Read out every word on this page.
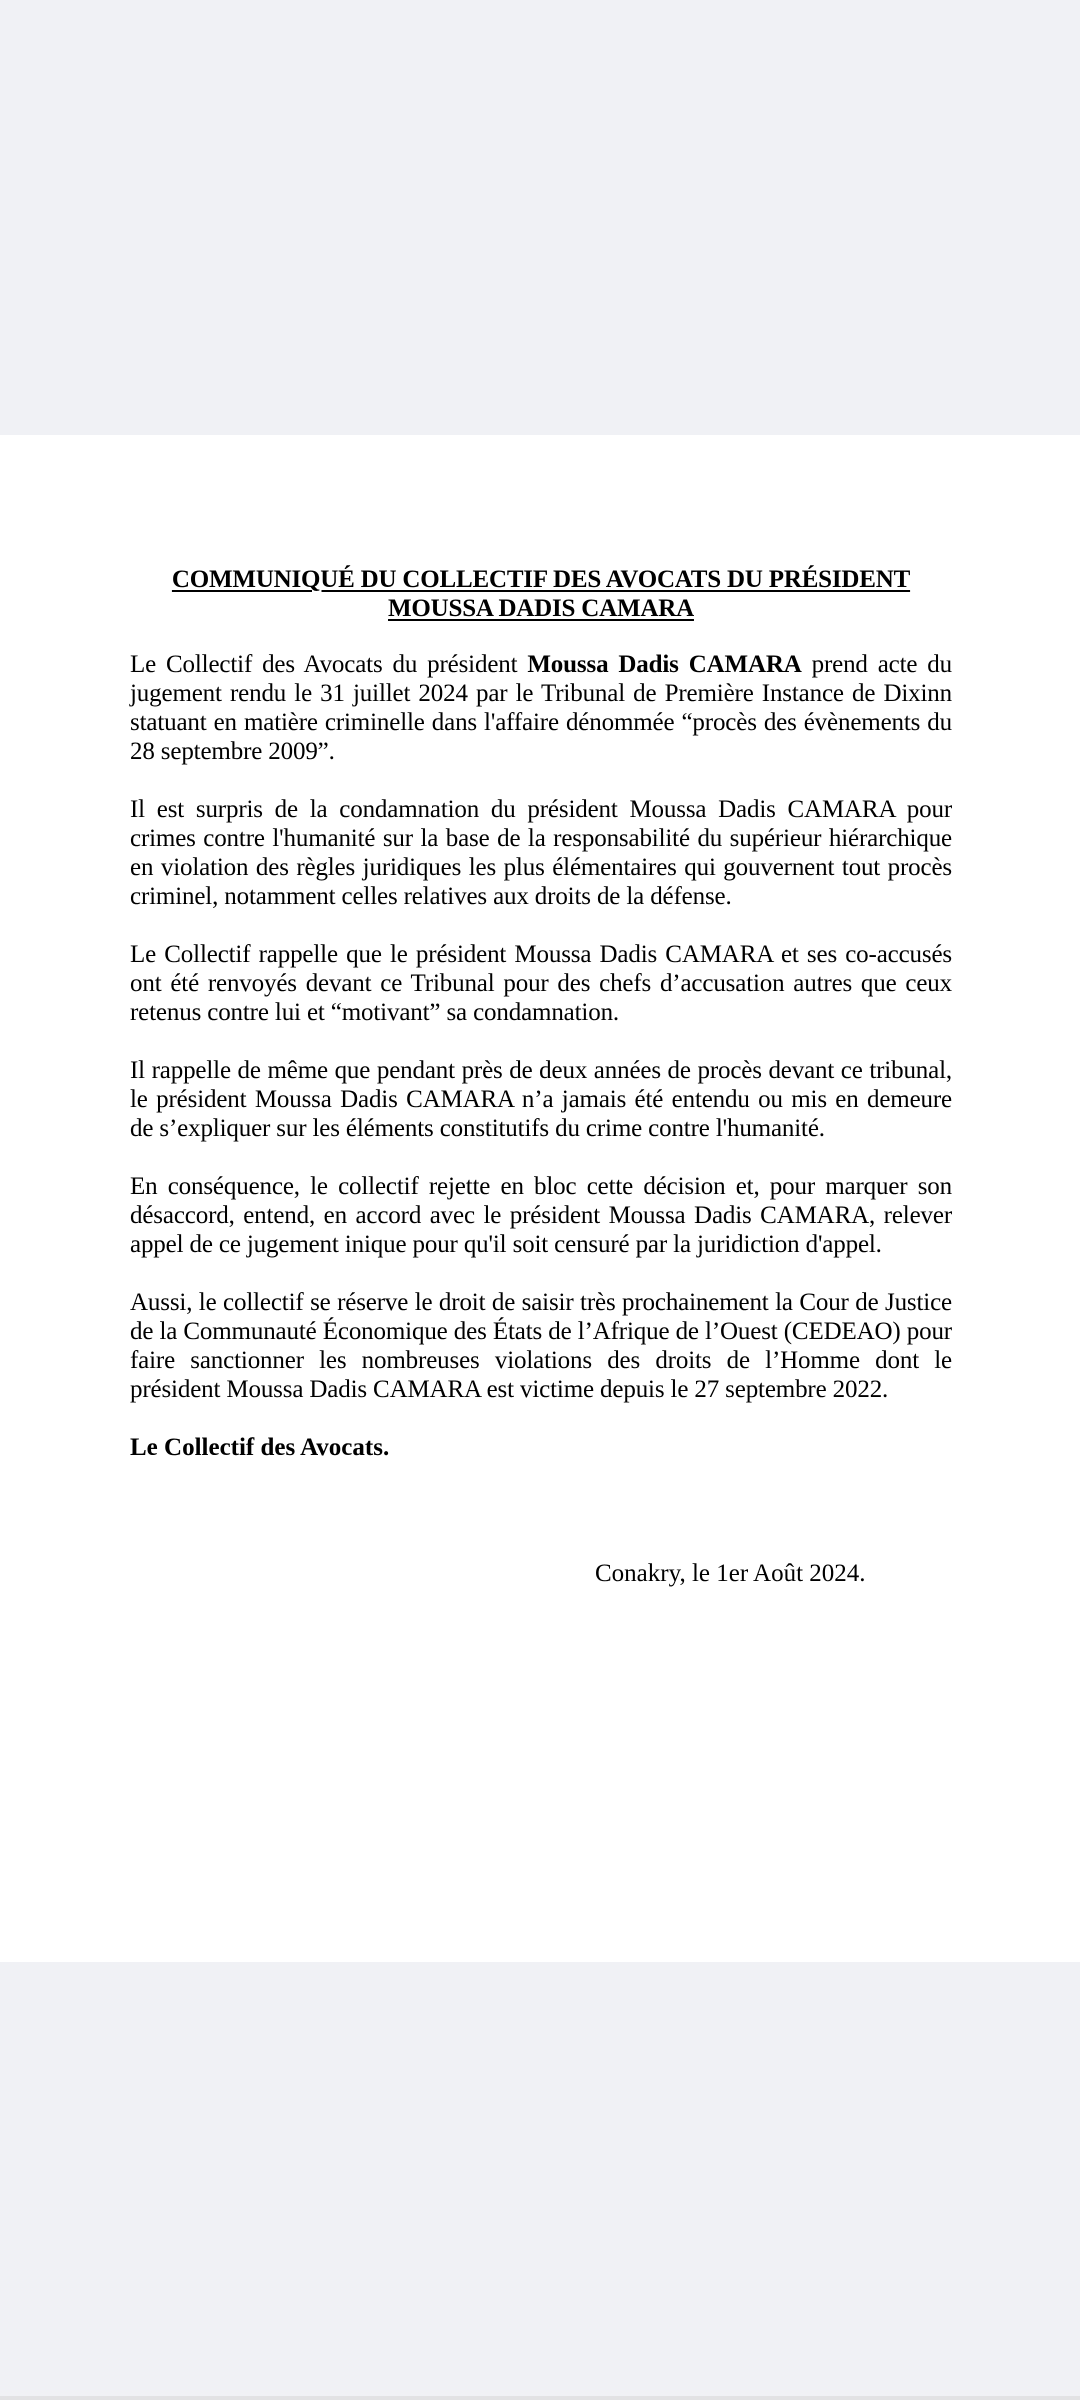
COMMUNIQUÉ DU COLLECTIF DES AVOCATS DU PRÉSIDENT
MOUSSA DADIS CAMARA

Le Collectif des Avocats du président Moussa Dadis CAMARA prend acte du jugement rendu le 31 juillet 2024 par le Tribunal de Première Instance de Dixinn statuant en matière criminelle dans l'affaire dénommée “procès des évènements du 28 septembre 2009”.

Il est surpris de la condamnation du président Moussa Dadis CAMARA pour crimes contre l'humanité sur la base de la responsabilité du supérieur hiérarchique en violation des règles juridiques les plus élémentaires qui gouvernent tout procès criminel, notamment celles relatives aux droits de la défense.

Le Collectif rappelle que le président Moussa Dadis CAMARA et ses co-accusés ont été renvoyés devant ce Tribunal pour des chefs d’accusation autres que ceux retenus contre lui et “motivant” sa condamnation.

Il rappelle de même que pendant près de deux années de procès devant ce tribunal, le président Moussa Dadis CAMARA n’a jamais été entendu ou mis en demeure de s’expliquer sur les éléments constitutifs du crime contre l'humanité.

En conséquence, le collectif rejette en bloc cette décision et, pour marquer son désaccord, entend, en accord avec le président Moussa Dadis CAMARA, relever appel de ce jugement inique pour qu'il soit censuré par la juridiction d'appel.

Aussi, le collectif se réserve le droit de saisir très prochainement la Cour de Justice de la Communauté Économique des États de l’Afrique de l’Ouest (CEDEAO) pour faire sanctionner les nombreuses violations des droits de l’Homme dont le président Moussa Dadis CAMARA est victime depuis le 27 septembre 2022.

Le Collectif des Avocats.

Conakry, le 1er Août 2024.
